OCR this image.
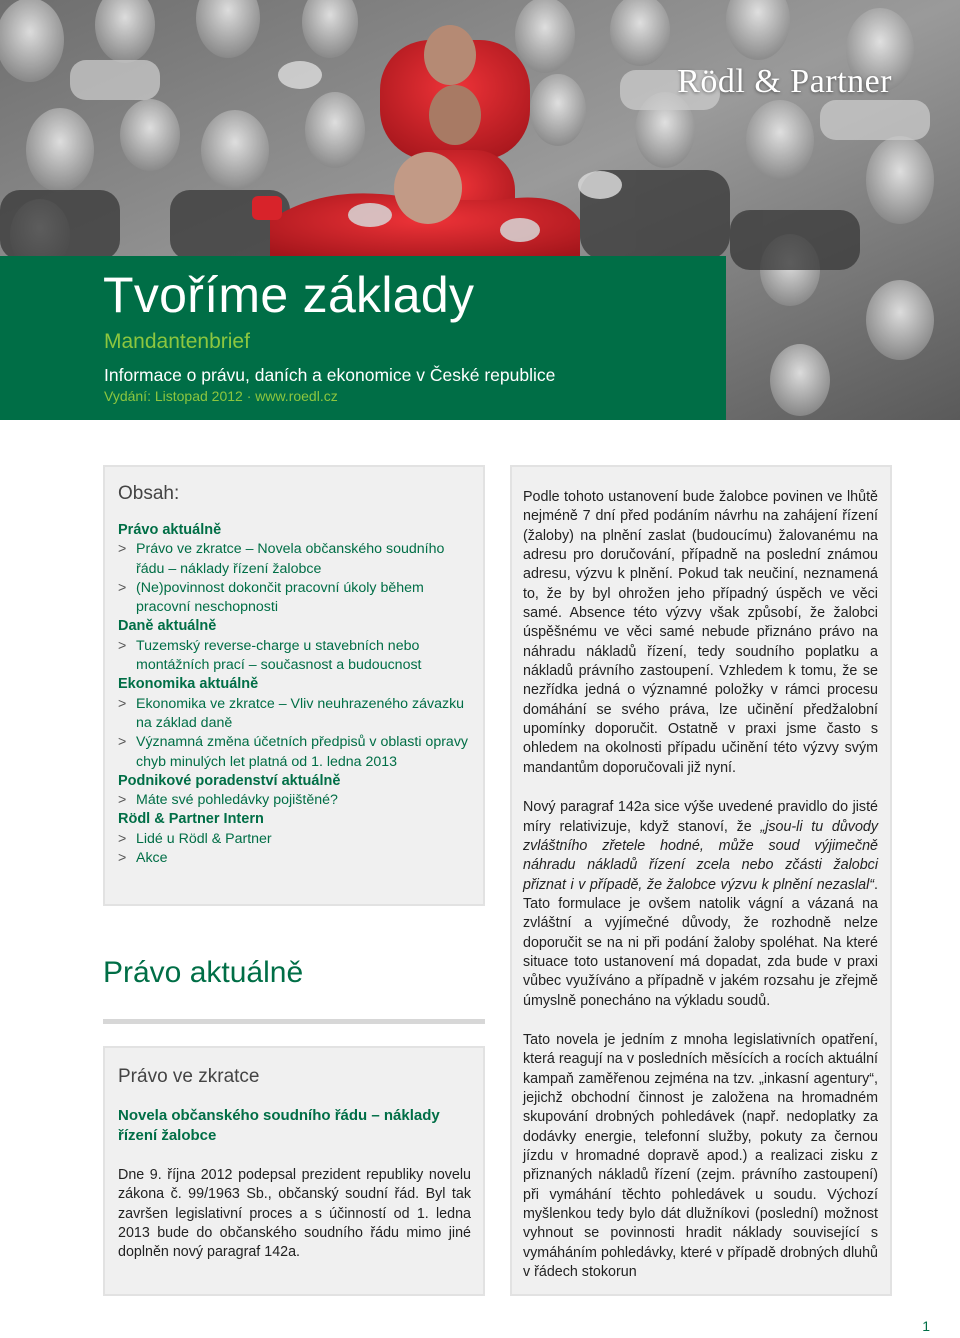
Rödl & Partner
Tvoříme základy
Mandantenbrief
Informace o právu, daních a ekonomice v České republice
Vydání: Listopad 2012 · www.roedl.cz
Obsah:
Právo aktuálně
> Právo ve zkratce – Novela občanského soudního řádu – náklady řízení žalobce
> (Ne)povinnost dokončit pracovní úkoly během pracovní neschopnosti
Daně aktuálně
> Tuzemský reverse-charge u stavebních nebo montážních prací – současnost a budoucnost
Ekonomika aktuálně
> Ekonomika ve zkratce – Vliv neuhrazeného závazku na základ daně
> Významná změna účetních předpisů v oblasti opravy chyb minulých let platná od 1. ledna 2013
Podnikové poradenství aktuálně
> Máte své pohledávky pojištěné?
Rödl & Partner Intern
> Lidé u Rödl & Partner
> Akce
Právo aktuálně
Právo ve zkratce
Novela občanského soudního řádu – náklady řízení žalobce

Dne 9. října 2012 podepsal prezident republiky novelu zákona č. 99/1963 Sb., občanský soudní řád. Byl tak završen legislativní proces a s účinností od 1. ledna 2013 bude do občanského soudního řádu mimo jiné doplněn nový paragraf 142a.

Podle tohoto ustanovení bude žalobce povinen ve lhůtě nejméně 7 dní před podáním návrhu na zahájení řízení (žaloby) na plnění zaslat (budoucímu) žalovanému na adresu pro doručování, případně na poslední známou adresu, výzvu k plnění. Pokud tak neučiní, neznamená to, že by byl ohrožen jeho případný úspěch ve věci samé. Absence této výzvy však způsobí, že žalobci úspěšnému ve věci samé nebude přiznáno právo na náhradu nákladů řízení, tedy soudního poplatku a nákladů právního zastoupení. Vzhledem k tomu, že se nezřídka jedná o významné položky v rámci procesu domáhání se svého práva, lze učinění předžalobní upomínky doporučit. Ostatně v praxi jsme často s ohledem na okolnosti případu učinění této výzvy svým mandantům doporučovali již nyní.

Nový paragraf 142a sice výše uvedené pravidlo do jisté míry relativizuje, když stanoví, že „jsou-li tu důvody zvláštního zřetele hodné, může soud výjimečně náhradu nákladů řízení zcela nebo zčásti žalobci přiznat i v případě, že žalobce výzvu k plnění nezaslal“. Tato formulace je ovšem natolik vágní a vázaná na zvláštní a vyjímečné důvody, že rozhodně nelze doporučit se na ni při podání žaloby spoléhat. Na které situace toto ustanovení má dopadat, zda bude v praxi vůbec využíváno a případně v jakém rozsahu je zřejmě úmyslně ponecháno na výkladu soudů.

Tato novela je jedním z mnoha legislativních opatření, která reagují na v posledních měsících a rocích aktuální kampaň zaměřenou zejména na tzv. „inkasní agentury“, jejichž obchodní činnost je založena na hromadném skupování drobných pohledávek (např. nedoplatky za dodávky energie, telefonní služby, pokuty za černou jízdu v hromadné dopravě apod.) a realizaci zisku z přiznaných nákladů řízení (zejm. právního zastoupení) při vymáhání těchto pohledávek u soudu. Výchozí myšlenkou tedy bylo dát dlužníkovi (poslední) možnost vyhnout se povinnosti hradit náklady související s vymáháním pohledávky, které v případě drobných dluhů v řádech stokorun

1
